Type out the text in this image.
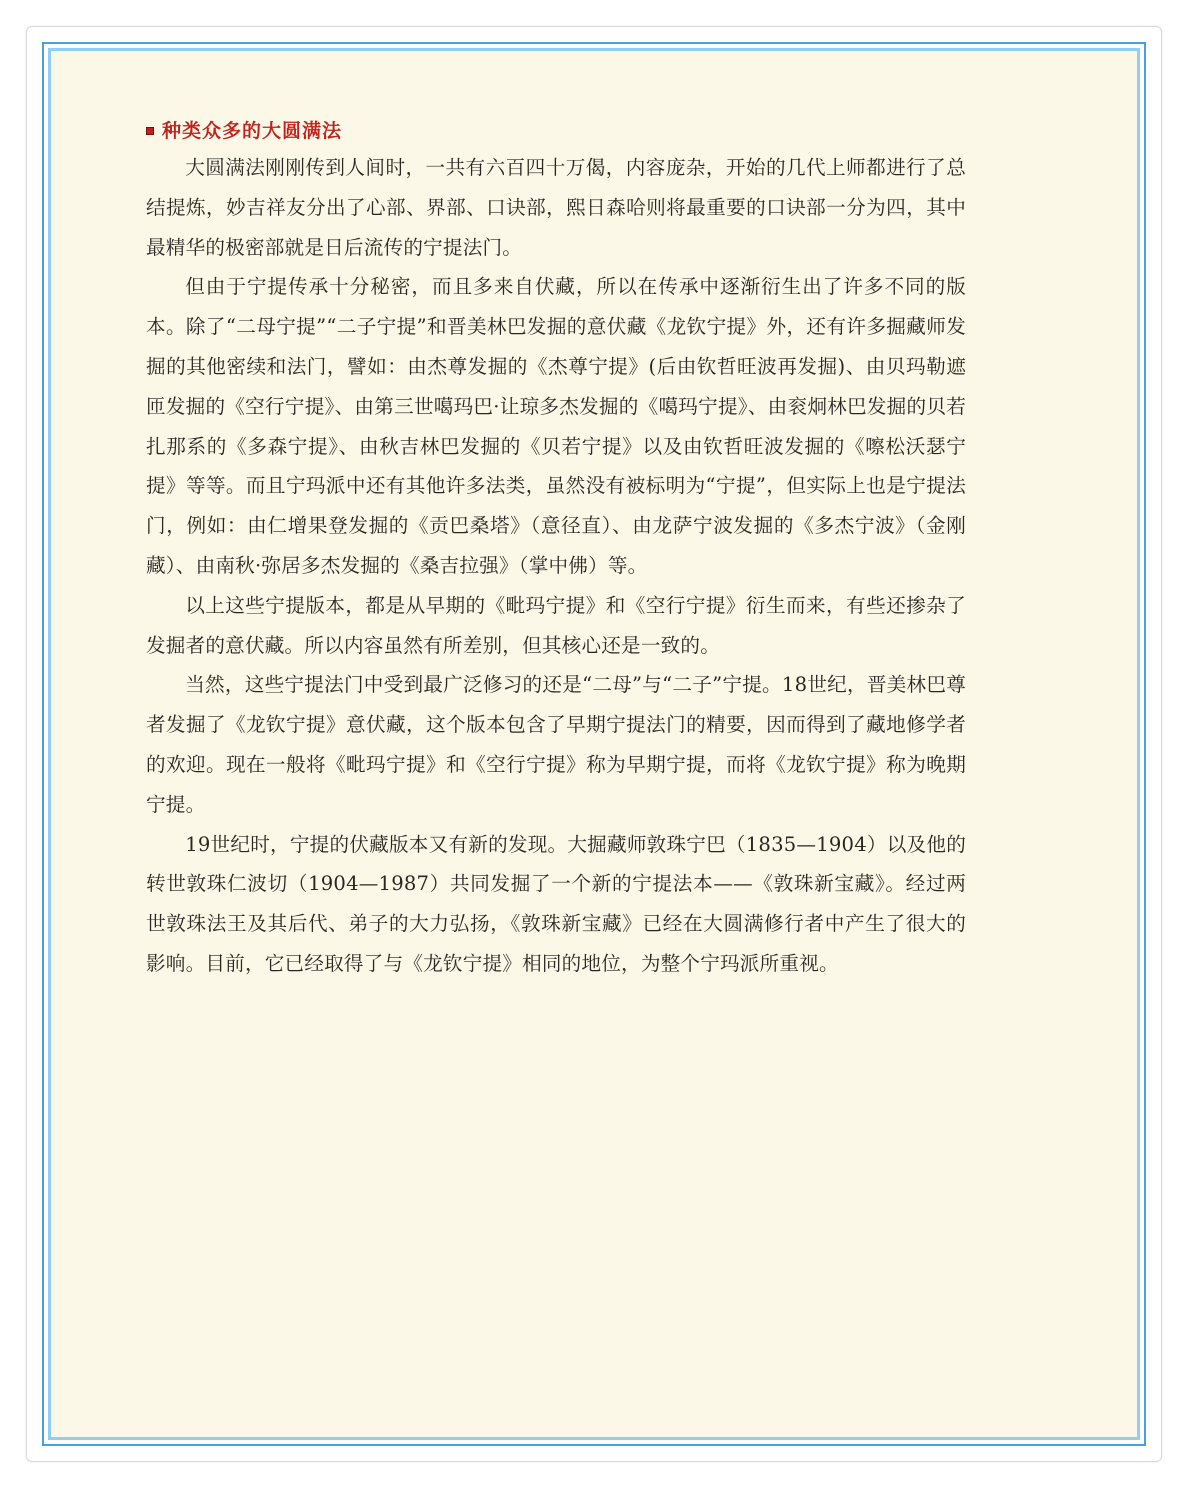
种类众多的大圆满法

大圆满法刚刚传到人间时，一共有六百四十万偈，内容庞杂，开始的几代上师都进行了总结提炼，妙吉祥友分出了心部、界部、口诀部，熙日森哈则将最重要的口诀部一分为四，其中最精华的极密部就是日后流传的宁提法门。

但由于宁提传承十分秘密，而且多来自伏藏，所以在传承中逐渐衍生出了许多不同的版本。除了“二母宁提”“二子宁提”和晋美林巴发掘的意伏藏《龙钦宁提》外，还有许多掘藏师发掘的其他密续和法门，譬如：由杰尊发掘的《杰尊宁提》(后由钦哲旺波再发掘)、由贝玛勒遮匝发掘的《空行宁提》、由第三世噶玛巴·让琼多杰发掘的《噶玛宁提》、由衮炯林巴发掘的贝若扎那系的《多森宁提》、由秋吉林巴发掘的《贝若宁提》以及由钦哲旺波发掘的《嚓松沃瑟宁提》等等。而且宁玛派中还有其他许多法类，虽然没有被标明为“宁提”，但实际上也是宁提法门，例如：由仁增果登发掘的《贡巴桑塔》（意径直）、由龙萨宁波发掘的《多杰宁波》（金刚藏）、由南秋·弥居多杰发掘的《桑吉拉强》（掌中佛）等。

以上这些宁提版本，都是从早期的《毗玛宁提》和《空行宁提》衍生而来，有些还掺杂了发掘者的意伏藏。所以内容虽然有所差别，但其核心还是一致的。

当然，这些宁提法门中受到最广泛修习的还是“二母”与“二子”宁提。18世纪，晋美林巴尊者发掘了《龙钦宁提》意伏藏，这个版本包含了早期宁提法门的精要，因而得到了藏地修学者的欢迎。现在一般将《毗玛宁提》和《空行宁提》称为早期宁提，而将《龙钦宁提》称为晚期宁提。

19世纪时，宁提的伏藏版本又有新的发现。大掘藏师敦珠宁巴（1835—1904）以及他的转世敦珠仁波切（1904—1987）共同发掘了一个新的宁提法本——《敦珠新宝藏》。经过两世敦珠法王及其后代、弟子的大力弘扬，《敦珠新宝藏》已经在大圆满修行者中产生了很大的影响。目前，它已经取得了与《龙钦宁提》相同的地位，为整个宁玛派所重视。
